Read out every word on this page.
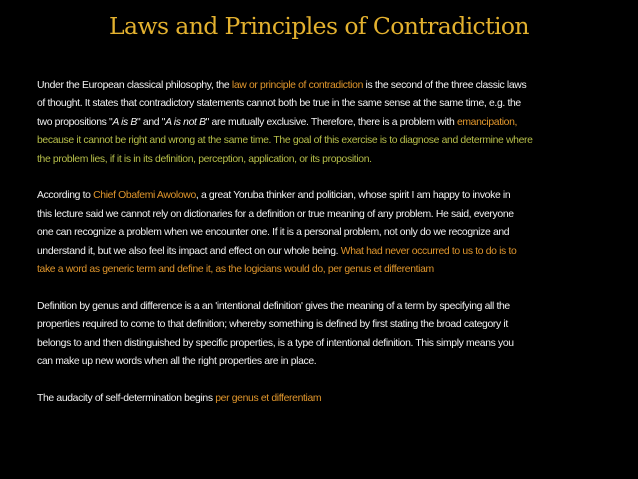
Laws and Principles of Contradiction

Under the European classical philosophy, the law or principle of contradiction is the second of the three classic laws
of thought. It states that contradictory statements cannot both be true in the same sense at the same time, e.g. the
two propositions "A is B" and "A is not B" are mutually exclusive. Therefore, there is a problem with emancipation,
because it cannot be right and wrong at the same time. The goal of this exercise is to diagnose and determine where
the problem lies, if it is in its definition, perception, application, or its proposition.

According to Chief Obafemi Awolowo, a great Yoruba thinker and politician, whose spirit I am happy to invoke in
this lecture said we cannot rely on dictionaries for a definition or true meaning of any problem. He said, everyone
one can recognize a problem when we encounter one. If it is a personal problem, not only do we recognize and
understand it, but we also feel its impact and effect on our whole being. What had never occurred to us to do is to
take a word as generic term and define it, as the logicians would do, per genus et differentiam

Definition by genus and difference is a an 'intentional definition' gives the meaning of a term by specifying all the
properties required to come to that definition; whereby something is defined by first stating the broad category it
belongs to and then distinguished by specific properties, is a type of intentional definition. This simply means you
can make up new words when all the right properties are in place.

The audacity of self-determination begins per genus et differentiam
